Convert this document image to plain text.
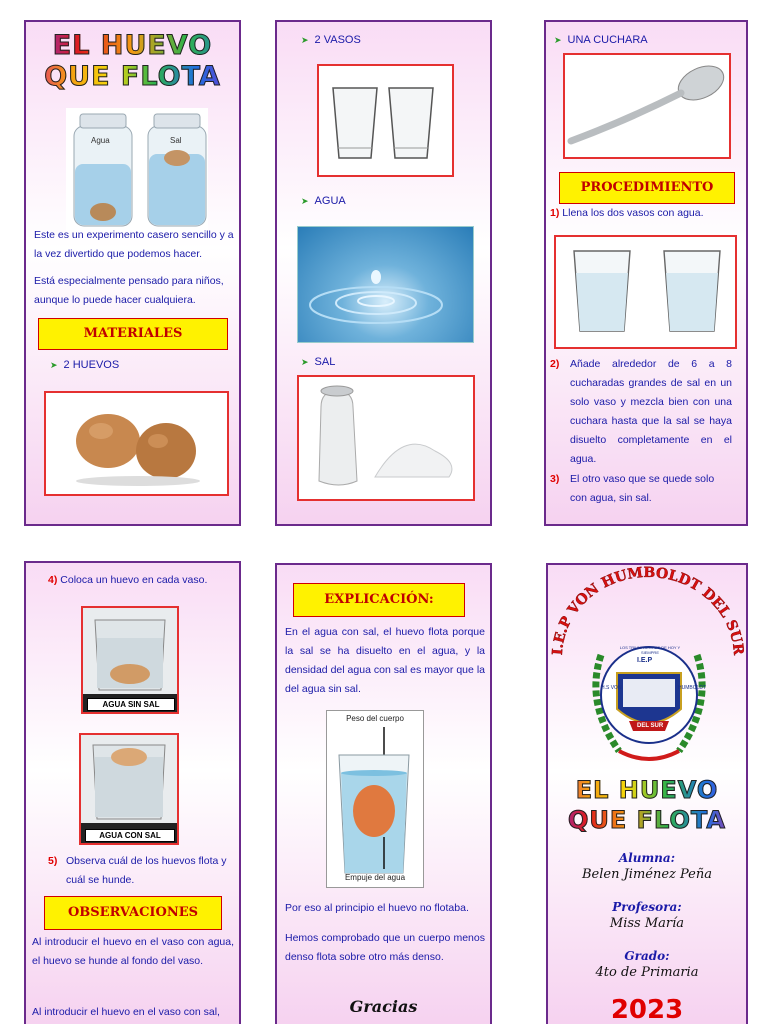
EL HUEVO
QUE FLOTA
Agua	Sal

Este es un experimento casero sencillo y a la vez divertido que podemos hacer.

Está especialmente pensado para niños, aunque lo puede hacer cualquiera.

MATERIALES
➤ 2 HUEVOS
➤ 2 VASOS
➤ AGUA
➤ SAL
➤ UNA CUCHARA
PROCEDIMIENTO
1) Llena los dos vasos con agua.
2)	Añade alrededor de 6 a 8 cucharadas grandes de sal en un solo vaso y mezcla bien con una cuchara hasta que la sal se haya disuelto completamente en el agua.
3)	El otro vaso que se quede solo con agua, sin sal.
4) Coloca un huevo en cada vaso.
AGUA SIN SAL
AGUA CON SAL
5) Observa cuál de los huevos flota y cuál se hunde.
OBSERVACIONES

Al introducir el huevo en el vaso con agua, el huevo se hunde al fondo del vaso.

Al introducir el huevo en el vaso con sal,

EXPLICACIÓN:

En el agua con sal, el huevo flota porque la sal se ha disuelto en el agua, y la densidad del agua con sal es mayor que la del agua sin sal.

Peso del cuerpo
Empuje del agua

Por eso al principio el huevo no flotaba.

Hemos comprobado que un cuerpo menos denso flota sobre otro más denso.

Gracias
I.E.P VON HUMBOLDT DEL SUR
I.E.P
LOS TRIUNFADORES DE HOY Y SIEMPRE
H.S VON	HUMBOLDT
DEL SUR
EL HUEVO
QUE FLOTA
Alumna:
Belen Jiménez Peña
Profesora:
Miss María
Grado:
4to de Primaria
2023
